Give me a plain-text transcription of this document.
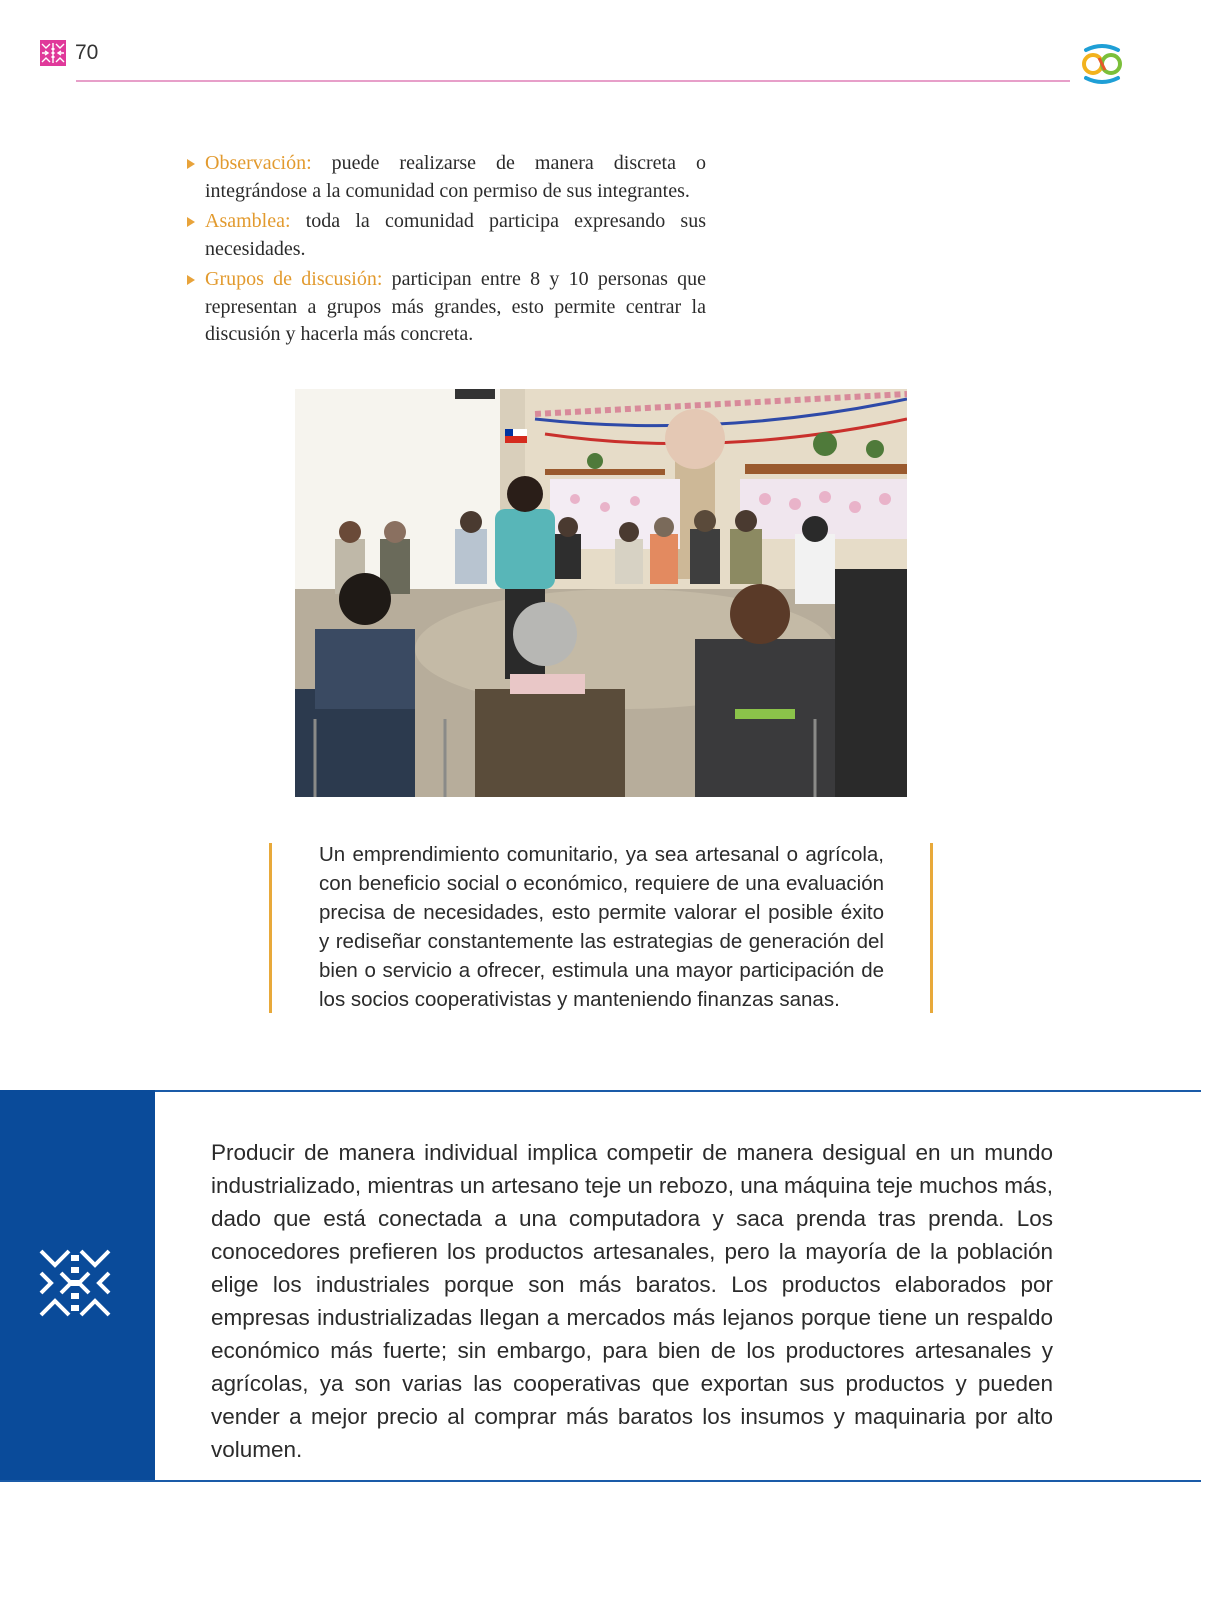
70
Observación: puede realizarse de manera discreta o integrándose a la comunidad con permiso de sus integrantes.
Asamblea: toda la comunidad participa expresando sus necesidades.
Grupos de discusión: participan entre 8 y 10 personas que representan a grupos más grandes, esto permite centrar la discusión y hacerla más concreta.

Un emprendimiento comunitario, ya sea artesanal o agrícola, con beneficio social o económico, requiere de una evaluación precisa de necesidades, esto permite valorar el posible éxito y rediseñar constantemente las estrategias de generación del bien o servicio a ofrecer, estimula una mayor participación de los socios cooperativistas y manteniendo finanzas sanas.

Producir de manera individual implica competir de manera desigual en un mundo industrializado, mientras un artesano teje un rebozo, una máquina teje muchos más, dado que está conectada a una computadora y saca prenda tras prenda. Los conocedores prefieren los productos artesanales, pero la mayoría de la población elige los industriales porque son más baratos. Los productos elaborados por empresas industrializadas llegan a mercados más lejanos porque tiene un respaldo económico más fuerte; sin embargo, para bien de los productores artesanales y agrícolas, ya son varias las cooperativas que exportan sus productos y pueden vender a mejor precio al comprar más baratos los insumos y maquinaria por alto volumen.
